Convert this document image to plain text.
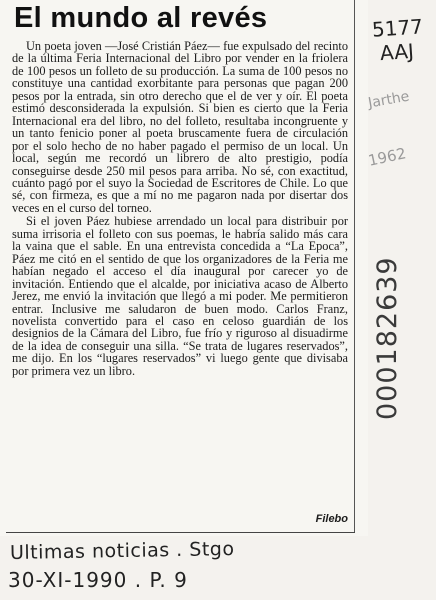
El mundo al revés

Un poeta joven —José Cristián Páez— fue expulsado del recinto de la última Feria Internacional del Libro por vender en la friolera de 100 pesos un folleto de su producción. La suma de 100 pesos no constituye una cantidad exorbitante para personas que pagan 200 pesos por la entrada, sin otro derecho que el de ver y oír. El poeta estimó desconsiderada la expulsión. Si bien es cierto que la Feria Internacional era del libro, no del folleto, resultaba incongruente y un tanto fenicio poner al poeta bruscamente fuera de circulación por el solo hecho de no haber pagado el permiso de un local. Un local, según me recordó un librero de alto prestigio, podía conseguirse desde 250 mil pesos para arriba. No sé, con exactitud, cuánto pagó por el suyo la Sociedad de Escritores de Chile. Lo que sé, con firmeza, es que a mí no me pagaron nada por disertar dos veces en el curso del torneo.

Si el joven Páez hubiese arrendado un local para distribuir por suma irrisoria el folleto con sus poemas, le habría salido más cara la vaina que el sable. En una entrevista concedida a “La Epoca”, Páez me citó en el sentido de que los organizadores de la Feria me habían negado el acceso el día inaugural por carecer yo de invitación. Entiendo que el alcalde, por iniciativa acaso de Alberto Jerez, me envió la invitación que llegó a mi poder. Me permitieron entrar. Inclusive me saludaron de buen modo. Carlos Franz, novelista convertido para el caso en celoso guardián de los designios de la Cámara del Libro, fue frío y riguroso al disuadirme de la idea de conseguir una silla. “Se trata de lugares reservados”, me dijo. En los “lugares reservados” vi luego gente que divisaba por primera vez un libro.

Filebo
5177
AAJ
Jarthe
1962
000182639
Ultimas noticias . Stgo
30-XI-1990 . P. 9
